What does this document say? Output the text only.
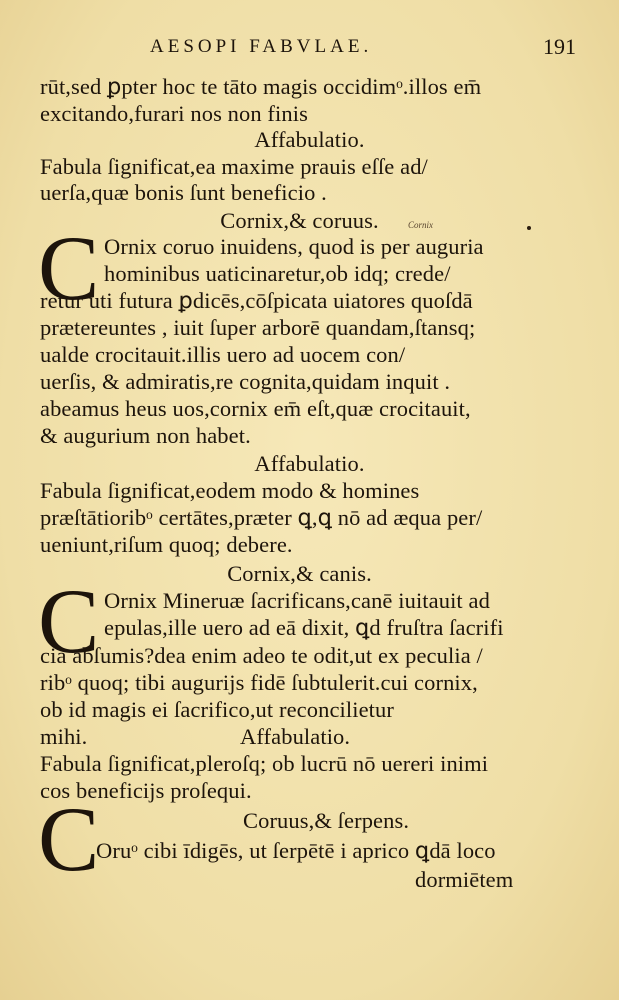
AESOPI FABVLAE.	191
rūt,sed ꝑpter hoc te tāto magis occidimᵒ.illos em̄
excitando,furari nos non finis
Affabulatio.
Fabula ſignificat,ea maxime prauis eſſe ad/
uerſa,quæ bonis ſunt beneficio .
Cornix,& coruus.	Cornix
C Ornix coruo inuidens, quod is per auguria
hominibus uaticinaretur,ob idq; crede/
retur uti futura ꝑdicēs,cōſpicata uiatores quoſdā
prætereuntes , iuit ſuper arborē quandam,ſtansq;
ualde crocitauit.illis uero ad uocem con/
uerſis, & admiratis,re cognita,quidam inquit .
abeamus heus uos,cornix em̄ eſt,quæ crocitauit,
& augurium non habet.
Affabulatio.
Fabula ſignificat,eodem modo & homines
præſtātioribᵒ certātes,præter ꝗ,ꝗ nō ad æqua per/
ueniunt,riſum quoq; debere.
Cornix,& canis.
C Ornix Mineruæ ſacrificans,canē iuitauit ad
epulas,ille uero ad eā dixit, ꝗd fruſtra ſacrifi
cia abſumis?dea enim adeo te odit,ut ex peculia /
ribᵒ quoq; tibi augurijs fidē ſubtulerit.cui cornix,
ob id magis ei ſacrifico,ut reconcilietur
mihi.	Affabulatio.
Fabula ſignificat,pleroſq; ob lucrū nō uereri inimi
cos beneficijs proſequi.
C	Coruus,& ſerpens.
Oruᵒ cibi īdigēs, ut ſerpētē i aprico ꝗdā loco
dormiētem
